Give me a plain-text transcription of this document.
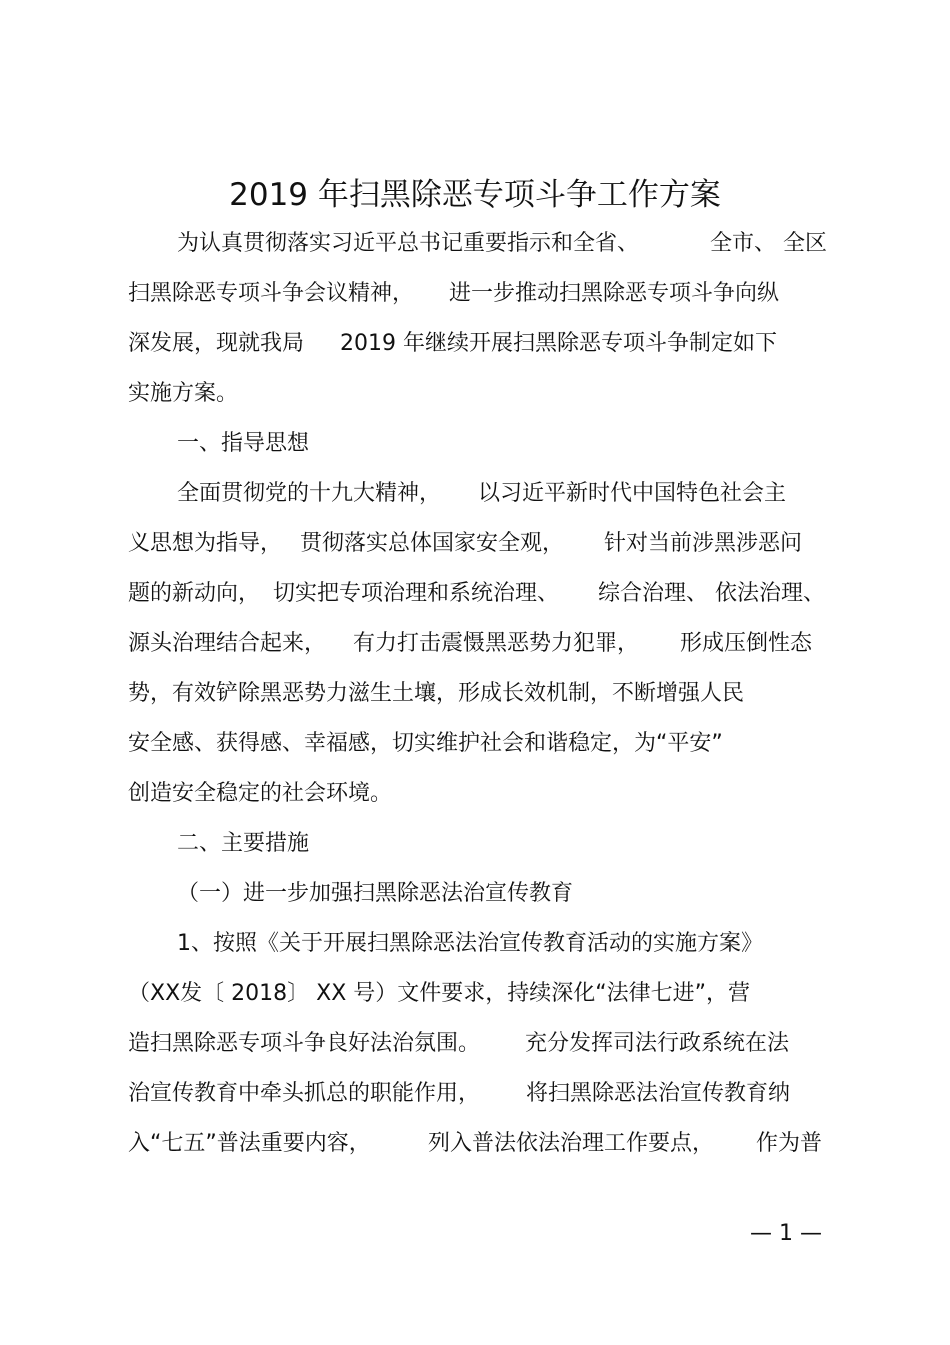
2019 年扫黑除恶专项斗争工作方案
为认真贯彻落实习近平总书记重要指示和全省、	全市、 全区
扫黑除恶专项斗争会议精神， 进一步推动扫黑除恶专项斗争向纵
深发展，现就我局 2019 年继续开展扫黑除恶专项斗争制定如下
实施方案。
一、指导思想
全面贯彻党的十九大精神， 以习近平新时代中国特色社会主
义思想为指导， 贯彻落实总体国家安全观， 针对当前涉黑涉恶问
题的新动向， 切实把专项治理和系统治理、 综合治理、 依法治理、
源头治理结合起来， 有力打击震慑黑恶势力犯罪， 形成压倒性态
势，有效铲除黑恶势力滋生土壤，形成长效机制，不断增强人民
安全感、获得感、幸福感，切实维护社会和谐稳定，为“平安”
创造安全稳定的社会环境。
二、主要措施
（一）进一步加强扫黑除恶法治宣传教育
1、按照《关于开展扫黑除恶法治宣传教育活动的实施方案》
（XX发〔 2018〕 XX 号）文件要求，持续深化“法律七进”，营
造扫黑除恶专项斗争良好法治氛围。 充分发挥司法行政系统在法
治宣传教育中牵头抓总的职能作用， 将扫黑除恶法治宣传教育纳
入“七五”普法重要内容，	列入普法依法治理工作要点， 作为普
— 1 —
